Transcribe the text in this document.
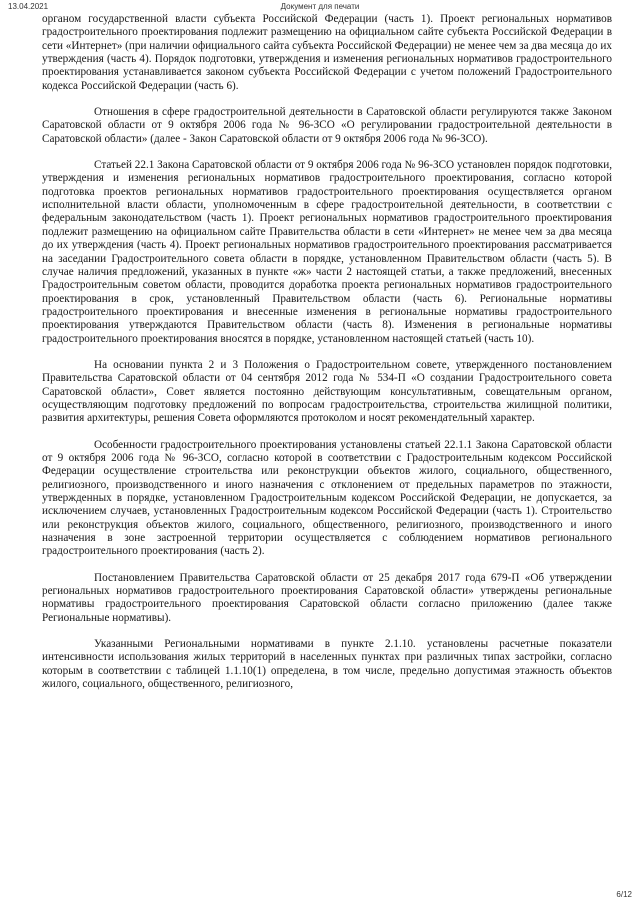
13.04.2021	Документ для печати

органом государственной власти субъекта Российской Федерации (часть 1). Проект региональных нормативов градостроительного проектирования подлежит размещению на официальном сайте субъекта Российской Федерации в сети «Интернет» (при наличии официального сайта субъекта Российской Федерации) не менее чем за два месяца до их утверждения (часть 4). Порядок подготовки, утверждения и изменения региональных нормативов градостроительного проектирования устанавливается законом субъекта Российской Федерации с учетом положений Градостроительного кодекса Российской Федерации (часть 6).

Отношения в сфере градостроительной деятельности в Саратовской области регулируются также Законом Саратовской области от 9 октября 2006 года № 96-ЗСО «О регулировании градостроительной деятельности в Саратовской области» (далее - Закон Саратовской области от 9 октября 2006 года № 96-ЗСО).

Статьей 22.1 Закона Саратовской области от 9 октября 2006 года № 96-ЗСО установлен порядок подготовки, утверждения и изменения региональных нормативов градостроительного проектирования, согласно которой подготовка проектов региональных нормативов градостроительного проектирования осуществляется органом исполнительной власти области, уполномоченным в сфере градостроительной деятельности, в соответствии с федеральным законодательством (часть 1). Проект региональных нормативов градостроительного проектирования подлежит размещению на официальном сайте Правительства области в сети «Интернет» не менее чем за два месяца до их утверждения (часть 4). Проект региональных нормативов градостроительного проектирования рассматривается на заседании Градостроительного совета области в порядке, установленном Правительством области (часть 5). В случае наличия предложений, указанных в пункте «ж» части 2 настоящей статьи, а также предложений, внесенных Градостроительным советом области, проводится доработка проекта региональных нормативов градостроительного проектирования в срок, установленный Правительством области (часть 6). Региональные нормативы градостроительного проектирования и внесенные изменения в региональные нормативы градостроительного проектирования утверждаются Правительством области (часть 8). Изменения в региональные нормативы градостроительного проектирования вносятся в порядке, установленном настоящей статьей (часть 10).

На основании пункта 2 и 3 Положения о Градостроительном совете, утвержденного постановлением Правительства Саратовской области от 04 сентября 2012 года № 534-П «О создании Градостроительного совета Саратовской области», Совет является постоянно действующим консультативным, совещательным органом, осуществляющим подготовку предложений по вопросам градостроительства, строительства жилищной политики, развития архитектуры, решения Совета оформляются протоколом и носят рекомендательный характер.

Особенности градостроительного проектирования установлены статьей 22.1.1 Закона Саратовской области от 9 октября 2006 года № 96-ЗСО, согласно которой в соответствии с Градостроительным кодексом Российской Федерации осуществление строительства или реконструкции объектов жилого, социального, общественного, религиозного, производственного и иного назначения с отклонением от предельных параметров по этажности, утвержденных в порядке, установленном Градостроительным кодексом Российской Федерации, не допускается, за исключением случаев, установленных Градостроительным кодексом Российской Федерации (часть 1). Строительство или реконструкция объектов жилого, социального, общественного, религиозного, производственного и иного назначения в зоне застроенной территории осуществляется с соблюдением нормативов регионального градостроительного проектирования (часть 2).

Постановлением Правительства Саратовской области от 25 декабря 2017 года 679-П «Об утверждении региональных нормативов градостроительного проектирования Саратовской области» утверждены региональные нормативы градостроительного проектирования Саратовской области согласно приложению (далее также Региональные нормативы).

Указанными Региональными нормативами в пункте 2.1.10. установлены расчетные показатели интенсивности использования жилых территорий в населенных пунктах при различных типах застройки, согласно которым в соответствии с таблицей 1.1.10(1) определена, в том числе, предельно допустимая этажность объектов жилого, социального, общественного, религиозного,

6/12
